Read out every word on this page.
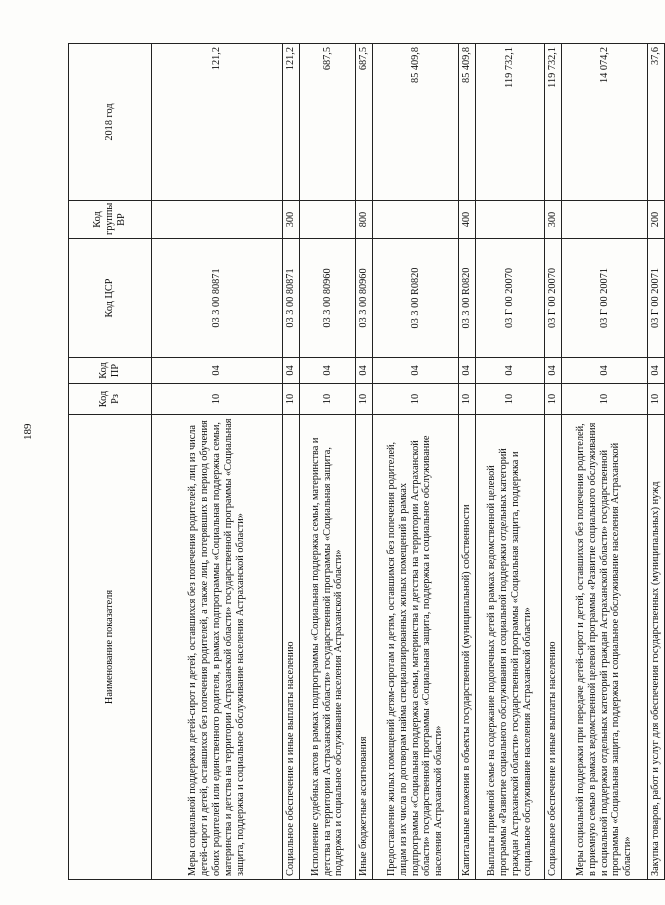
189
Наименование показателя	Код Рз	Код ПР	Код ЦСР	Код группы ВР	2018 год
Меры социальной поддержки детей-сирот и детей, оставшихся без попечения родителей, лиц из числа детей-сирот и детей, оставшихся без попечения родителей, а также лиц, потерявших в период обучения обоих родителей или единственного родителя, в рамках подпрограммы «Социальная поддержка семьи, материнства и детства на территории Астраханской области» государственной программы «Социальная защита, поддержка и социальное обслуживание населения Астраханской области»	10	04	03 3 00 80871		121,2
Социальное обеспечение и иные выплаты населению	10	04	03 3 00 80871	300	121,2
Исполнение судебных актов в рамках подпрограммы «Социальная поддержка семьи, материнства и детства на территории Астраханской области» государственной программы «Социальная защита, поддержка и социальное обслуживание населения Астраханской области»	10	04	03 3 00 80960		687,5
Иные бюджетные ассигнования	10	04	03 3 00 80960	800	687,5
Предоставление жилых помещений детям-сиротам и детям, оставшимся без попечения родителей, лицам из их числа по договорам найма специализированных жилых помещений в рамках подпрограммы «Социальная поддержка семьи, материнства и детства на территории Астраханской области» государственной программы «Социальная защита, поддержка и социальное обслуживание населения Астраханской области»	10	04	03 3 00 R0820		85 409,8
Капитальные вложения в объекты государственной (муниципальной) собственности	10	04	03 3 00 R0820	400	85 409,8
Выплаты приемной семье на содержание подопечных детей в рамках ведомственной целевой программы «Развитие социального обслуживания и социальной поддержки отдельных категорий граждан Астраханской области» государственной программы «Социальная защита, поддержка и социальное обслуживание населения Астраханской области»	10	04	03 Г 00 20070		119 732,1
Социальное обеспечение и иные выплаты населению	10	04	03 Г 00 20070	300	119 732,1
Меры социальной поддержки при передаче детей-сирот и детей, оставшихся без попечения родителей, в приемную семью в рамках ведомственной целевой программы «Развитие социального обслуживания и социальной поддержки отдельных категорий граждан Астраханской области» государственной программы «Социальная защита, поддержка и социальное обслуживание населения Астраханской области»	10	04	03 Г 00 20071		14 074,2
Закупка товаров, работ и услуг для обеспечения государственных (муниципальных) нужд	10	04	03 Г 00 20071	200	37,6
